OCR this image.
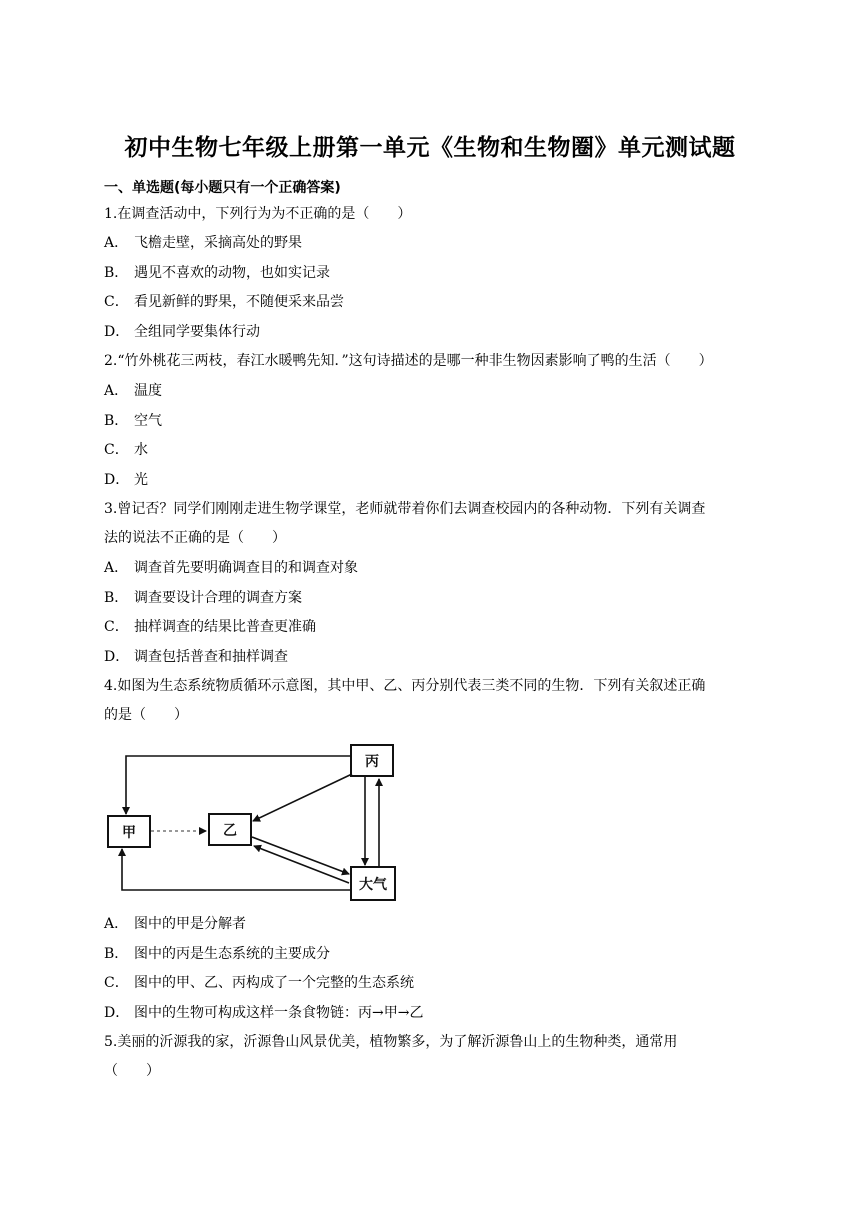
初中生物七年级上册第一单元《生物和生物圈》单元测试题
一、单选题(每小题只有一个正确答案)
1.在调查活动中，下列行为为不正确的是（　　）
A． 飞檐走壁，采摘高处的野果
B． 遇见不喜欢的动物，也如实记录
C． 看见新鲜的野果，不随便采来品尝
D． 全组同学要集体行动
2.“竹外桃花三两枝，春江水暖鸭先知．”这句诗描述的是哪一种非生物因素影响了鸭的生活（　　）
A． 温度
B． 空气
C． 水
D． 光
3.曾记否？同学们刚刚走进生物学课堂，老师就带着你们去调查校园内的各种动物．下列有关调查
法的说法不正确的是（　　）
A． 调查首先要明确调查目的和调查对象
B． 调查要设计合理的调查方案
C． 抽样调查的结果比普查更准确
D． 调查包括普查和抽样调查
4.如图为生态系统物质循环示意图，其中甲、乙、丙分别代表三类不同的生物．下列有关叙述正确
的是（　　）
甲	乙
丙
大气
A． 图中的甲是分解者
B． 图中的丙是生态系统的主要成分
C． 图中的甲、乙、丙构成了一个完整的生态系统
D． 图中的生物可构成这样一条食物链：丙→甲→乙
5.美丽的沂源我的家，沂源鲁山风景优美，植物繁多，为了解沂源鲁山上的生物种类，通常用
（　　）
